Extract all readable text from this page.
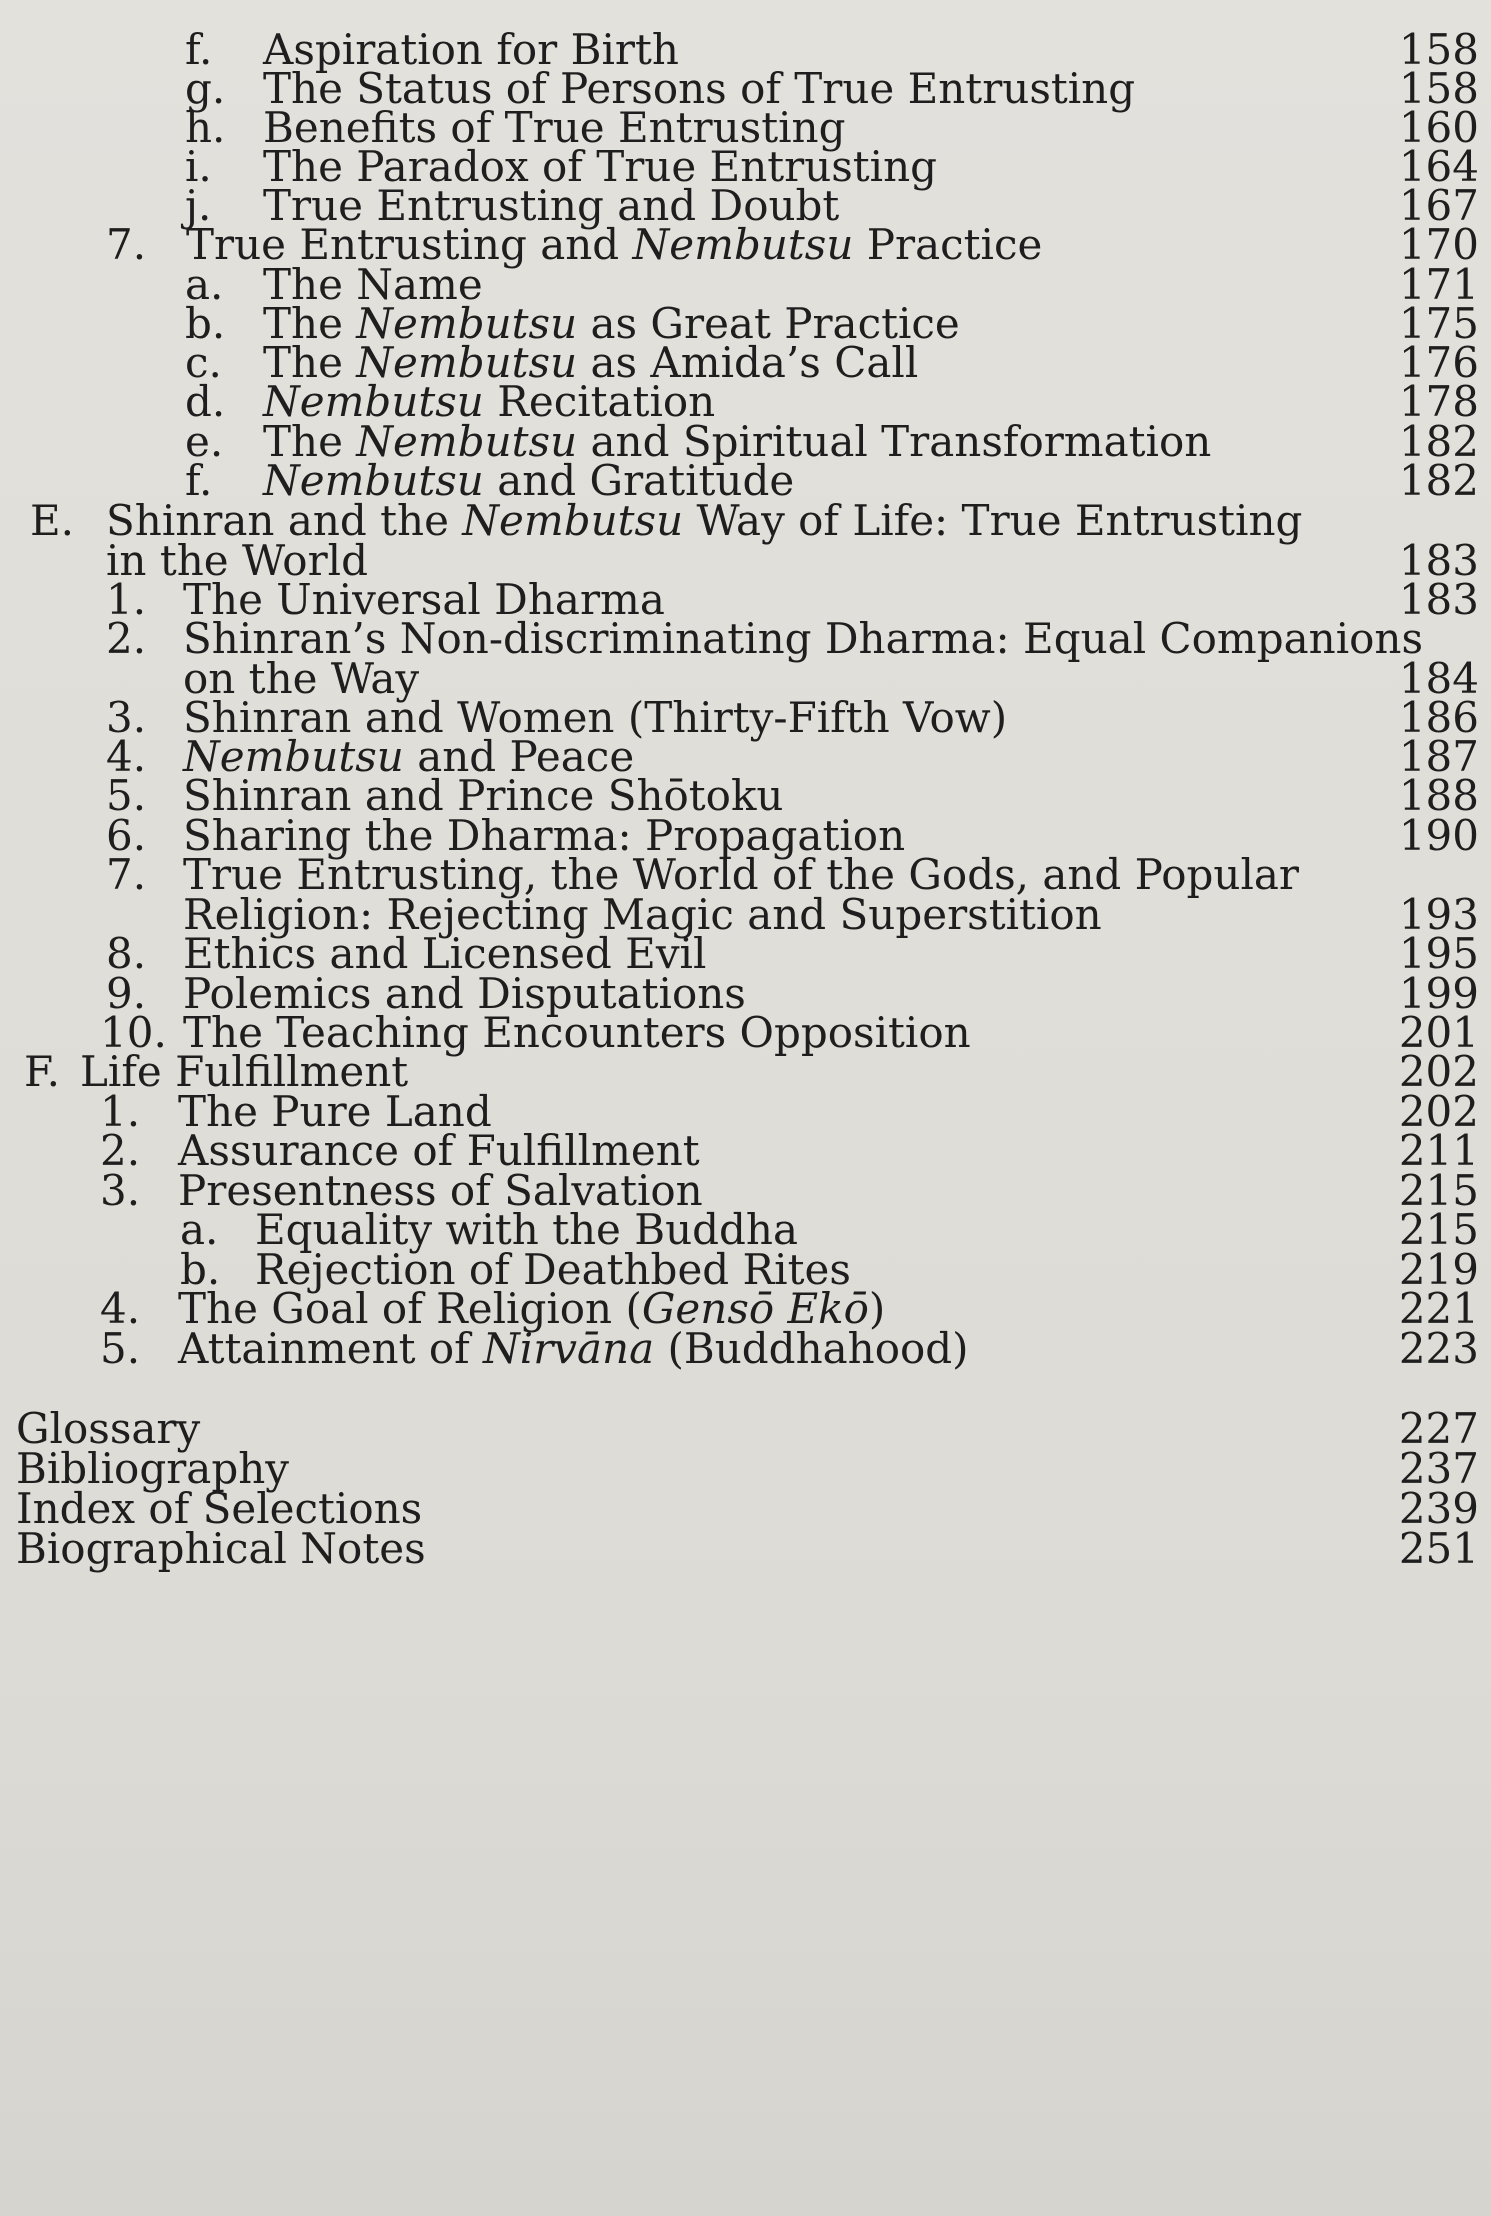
f. Aspiration for Birth	158
g. The Status of Persons of True Entrusting	158
h. Benefits of True Entrusting	160
i. The Paradox of True Entrusting	164
j. True Entrusting and Doubt	167
7. True Entrusting and Nembutsu Practice	170
a. The Name	171
b. The Nembutsu as Great Practice	175
c. The Nembutsu as Amida’s Call	176
d. Nembutsu Recitation	178
e. The Nembutsu and Spiritual Transformation	182
f. Nembutsu and Gratitude	182
E. Shinran and the Nembutsu Way of Life: True Entrusting
in the World	183
1. The Universal Dharma	183
2. Shinran’s Non-discriminating Dharma: Equal Companions
on the Way	184
3. Shinran and Women (Thirty-Fifth Vow)	186
4. Nembutsu and Peace	187
5. Shinran and Prince Shōtoku	188
6. Sharing the Dharma: Propagation	190
7. True Entrusting, the World of the Gods, and Popular
Religion: Rejecting Magic and Superstition	193
8. Ethics and Licensed Evil	195
9. Polemics and Disputations	199
10. The Teaching Encounters Opposition	201
F. Life Fulfillment	202
1. The Pure Land	202
2. Assurance of Fulfillment	211
3. Presentness of Salvation	215
a. Equality with the Buddha	215
b. Rejection of Deathbed Rites	219
4. The Goal of Religion (Gensō Ekō)	221
5. Attainment of Nirvāna (Buddhahood)	223
Glossary	227
Bibliography	237
Index of Selections	239
Biographical Notes	251
